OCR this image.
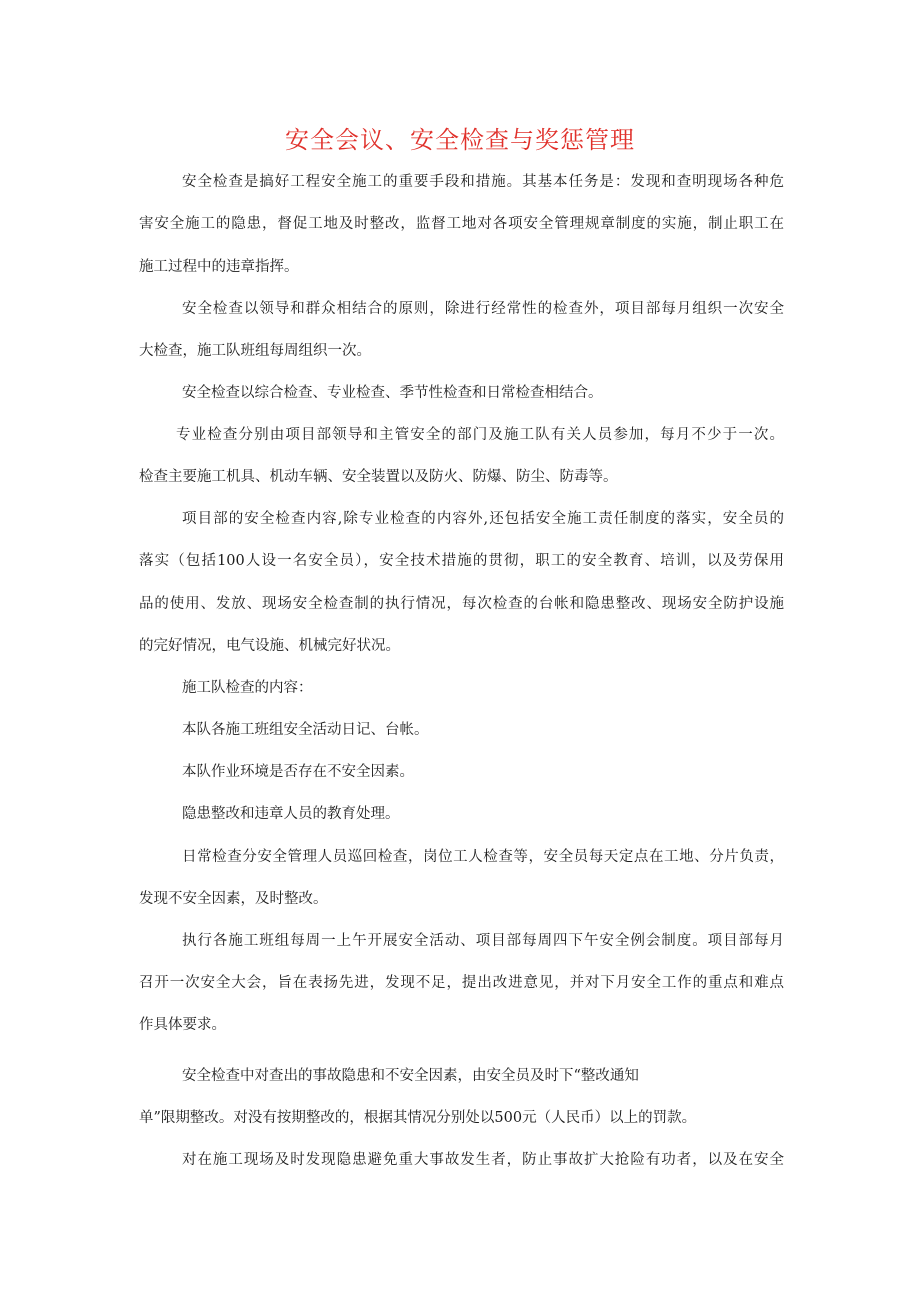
安全会议、安全检查与奖惩管理

安全检查是搞好工程安全施工的重要手段和措施。其基本任务是：发现和查明现场各种危

害安全施工的隐患，督促工地及时整改，监督工地对各项安全管理规章制度的实施，制止职工在

施工过程中的违章指挥。

安全检查以领导和群众相结合的原则，除进行经常性的检查外，项目部每月组织一次安全

大检查，施工队班组每周组织一次。

安全检查以综合检查、专业检查、季节性检查和日常检查相结合。

专业检查分别由项目部领导和主管安全的部门及施工队有关人员参加，每月不少于一次。

检查主要施工机具、机动车辆、安全装置以及防火、防爆、防尘、防毒等。

项目部的安全检查内容,除专业检查的内容外,还包括安全施工责任制度的落实，安全员的

落实（包括100人设一名安全员），安全技术措施的贯彻，职工的安全教育、培训，以及劳保用

品的使用、发放、现场安全检查制的执行情况，每次检查的台帐和隐患整改、现场安全防护设施

的完好情况，电气设施、机械完好状况。

施工队检查的内容：

本队各施工班组安全活动日记、台帐。

本队作业环境是否存在不安全因素。

隐患整改和违章人员的教育处理。

日常检查分安全管理人员巡回检查，岗位工人检查等，安全员每天定点在工地、分片负责，

发现不安全因素，及时整改。

执行各施工班组每周一上午开展安全活动、项目部每周四下午安全例会制度。项目部每月

召开一次安全大会，旨在表扬先进，发现不足，提出改进意见，并对下月安全工作的重点和难点

作具体要求。

安全检查中对查出的事故隐患和不安全因素，由安全员及时下“整改通知

单”限期整改。对没有按期整改的，根据其情况分别处以500元（人民币）以上的罚款。

对在施工现场及时发现隐患避免重大事故发生者，防止事故扩大抢险有功者，以及在安全
